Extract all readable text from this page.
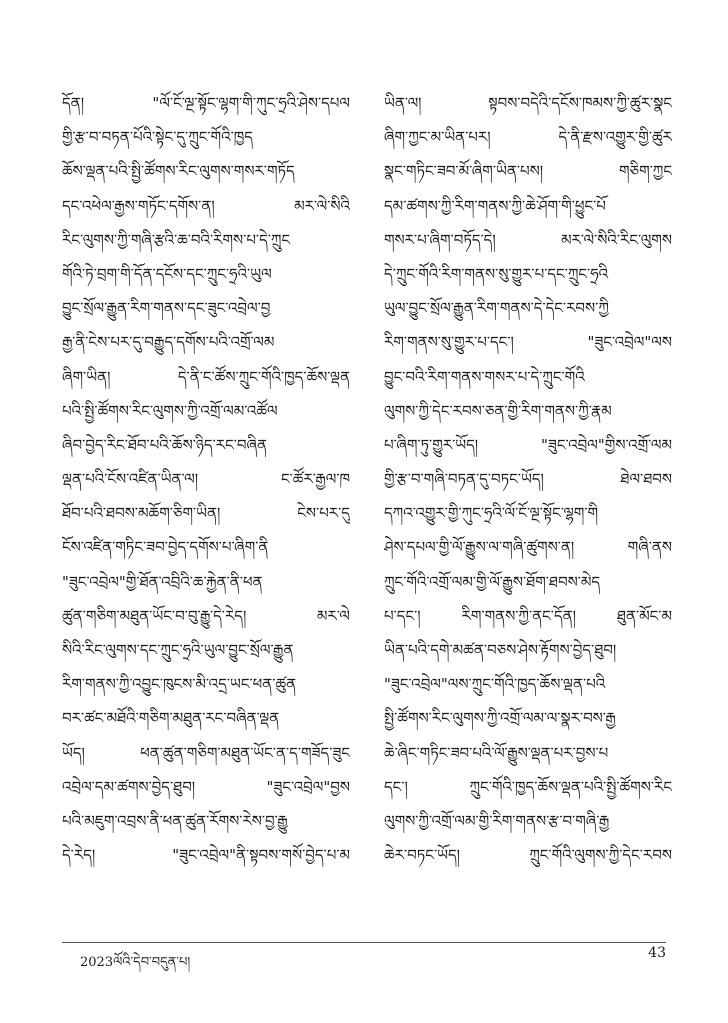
དོན། "ལོ་ངོ་ལྔ་སྟོང་ལྷག་གི་ཀུང་ཧྲའི་ཤེས་དཔལ
གྱི་རྩ་བ་བཏན་པོའི་སྟེང་དུ་ཀྲུང་གོའི་ཁྱད
ཆོས་ལྡན་པའི་སྤྱི་ཚོགས་རིང་ལུགས་གསར་གཏོད
དང་འཕེལ་རྒྱས་གཏོང་དགོས་ན། མར་ལེ་སིའི
རིང་ལུགས་ཀྱི་གཞི་རྩའི་ཆ་བའི་རིགས་པ་དེ་ཀྲུང
གོའི་ཏེ་བྲག་གི་དོན་དངོས་དང་ཀྲུང་ཧྲའི་ཡུལ
བྱུང་སྲོལ་རྒྱུན་རིག་གནས་དང་ཟུང་འབྲེལ་བྱ
རྒྱ་ནི་ངེས་པར་དུ་བརྒྱུད་དགོས་པའི་འགྲོ་ལམ
ཞིག་ཡིན། དེ་ནི་ང་ཚོས་ཀྲུང་གོའི་ཁྱད་ཆོས་ལྡན
པའི་སྤྱི་ཚོགས་རིང་ལུགས་ཀྱི་འགྲོ་ལམ་འཚོལ
ཞིབ་བྱེད་རིང་ཐོབ་པའི་ཆོས་ཉིད་རང་བཞིན
ལྡན་པའི་ངོས་འཛིན་ཡིན་ལ། ང་ཚོར་རྒྱལ་ཁ
ཐོབ་པའི་ཐབས་མཆོག་ཅིག་ཡིན། ངེས་པར་དུ
ངོས་འཛིན་གཏིང་ཟབ་བྱེད་དགོས་པ་ཞིག་ནི
"ཟུང་འབྲེལ"གྱི་ཐོན་འབྲིའི་ཆ་རྐྱེན་ནི་ཕན
ཚུན་གཅིག་མཐུན་ཡོང་བ་བུ་རྒྱུ་དེ་རེད། མར་ལེ
སིའི་རིང་ལུགས་དང་ཀྲུང་ཧྲའི་ཡུལ་བྱུང་སྲོལ་རྒྱུན
རིག་གནས་ཀྱི་འབྱུང་ཁུངས་མི་འདྲ་ཡང་ཕན་ཚུན
བར་ཚང་མཐོའི་གཅིག་མཐུན་རང་བཞིན་ལྡན
ཡོད། ཕན་ཚུན་གཅིག་མཐུན་ཡོང་ན་ད་གཟོད་ཟུང
འབྲེལ་དམ་ཚགས་བྱེད་ཐུབ། "ཟུང་འབྲེལ"བྱས
པའི་མཇུག་འབྲས་ནི་ཕན་ཚུན་རོགས་རེས་བྱ་རྒྱུ
དེ་རེད། "ཟུང་འབྲེལ"ནི་སྟབས་གསོ་བྱེད་པ་མ
ཡིན་ལ། སྟབས་བདེའི་དངོས་ཁམས་ཀྱི་ཚུར་སྣང
ཞིག་ཀྱང་མ་ཡིན་པར། དེ་ནི་རྫས་འགྱུར་གྱི་ཚུར
སྣང་གཏིང་ཟབ་མོ་ཞིག་ཡིན་པས། གཅིག་ཀྱང
དམ་ཚགས་ཀྱི་རིག་གནས་ཀྱི་ཆེ་ཤོག་གི་ཕྱུང་པོ
གསར་པ་ཞིག་བཏོད་དེ། མར་ལེ་སིའི་རིང་ལུགས
དེ་ཀྲུང་གོའི་རིག་གནས་སུ་གྱུར་པ་དང་ཀྲུང་ཧྲའི
ཡུལ་བྱུང་སྲོལ་རྒྱུན་རིག་གནས་དེ་དེང་རབས་ཀྱི
རིག་གནས་སུ་གྱུར་པ་དང་། "ཟུང་འབྲེལ"ལས
བྱུང་བའི་རིག་གནས་གསར་པ་དེ་ཀྲུང་གོའི
ལུགས་ཀྱི་དེང་རབས་ཅན་གྱི་རིག་གནས་ཀྱི་རྣམ
པ་ཞིག་ཏུ་གྱུར་ཡོད། "ཟུང་འབྲེལ"གྱིས་འགྲོ་ལམ
གྱི་རྩ་བ་གཞི་བཏན་དུ་བཏང་ཡོད། ཐེལ་ཐབས
དཀའ་འགྱུར་གྱི་ཀུང་ཧྲའི་ལོ་ངོ་ལྔ་སྟོང་ལྷག་གི
ཤེས་དཔལ་གྱི་ལོ་རྒྱུས་ལ་གཞི་ཚུགས་ན། གཞི་ནས
ཀྲུང་གོའི་འགྲོ་ལམ་གྱི་ལོ་རྒྱུས་ཐོག་ཐབས་མེད
པ་དང་། རིག་གནས་ཀྱི་ནང་དོན། ཐུན་མོང་མ
ཡིན་པའི་དགེ་མཚན་བཅས་ཤེས་རྟོགས་བྱེད་ཐུབ།
"ཟུང་འབྲེལ"ལས་ཀྲུང་གོའི་ཁྱད་ཆོས་ལྡན་པའི
སྤྱི་ཚོགས་རིང་ལུགས་ཀྱི་འགྲོ་ལམ་ལ་སྣར་བས་རྒྱ
ཆེ་ཞིང་གཏིང་ཟབ་པའི་ལོ་རྒྱུས་ལྡན་པར་བྱས་པ
དང་། ཀྲུང་གོའི་ཁྱད་ཆོས་ལྡན་པའི་སྤྱི་ཚོགས་རིང
ལུགས་ཀྱི་འགྲོ་ལམ་གྱི་རིག་གནས་རྩ་བ་གཞི་རྒྱ
ཆེར་བཏང་ཡོད། ཀྲུང་གོའི་ལུགས་ཀྱི་དེང་རབས
2023ལོའི་དེབ་བདུན་པ།
43
